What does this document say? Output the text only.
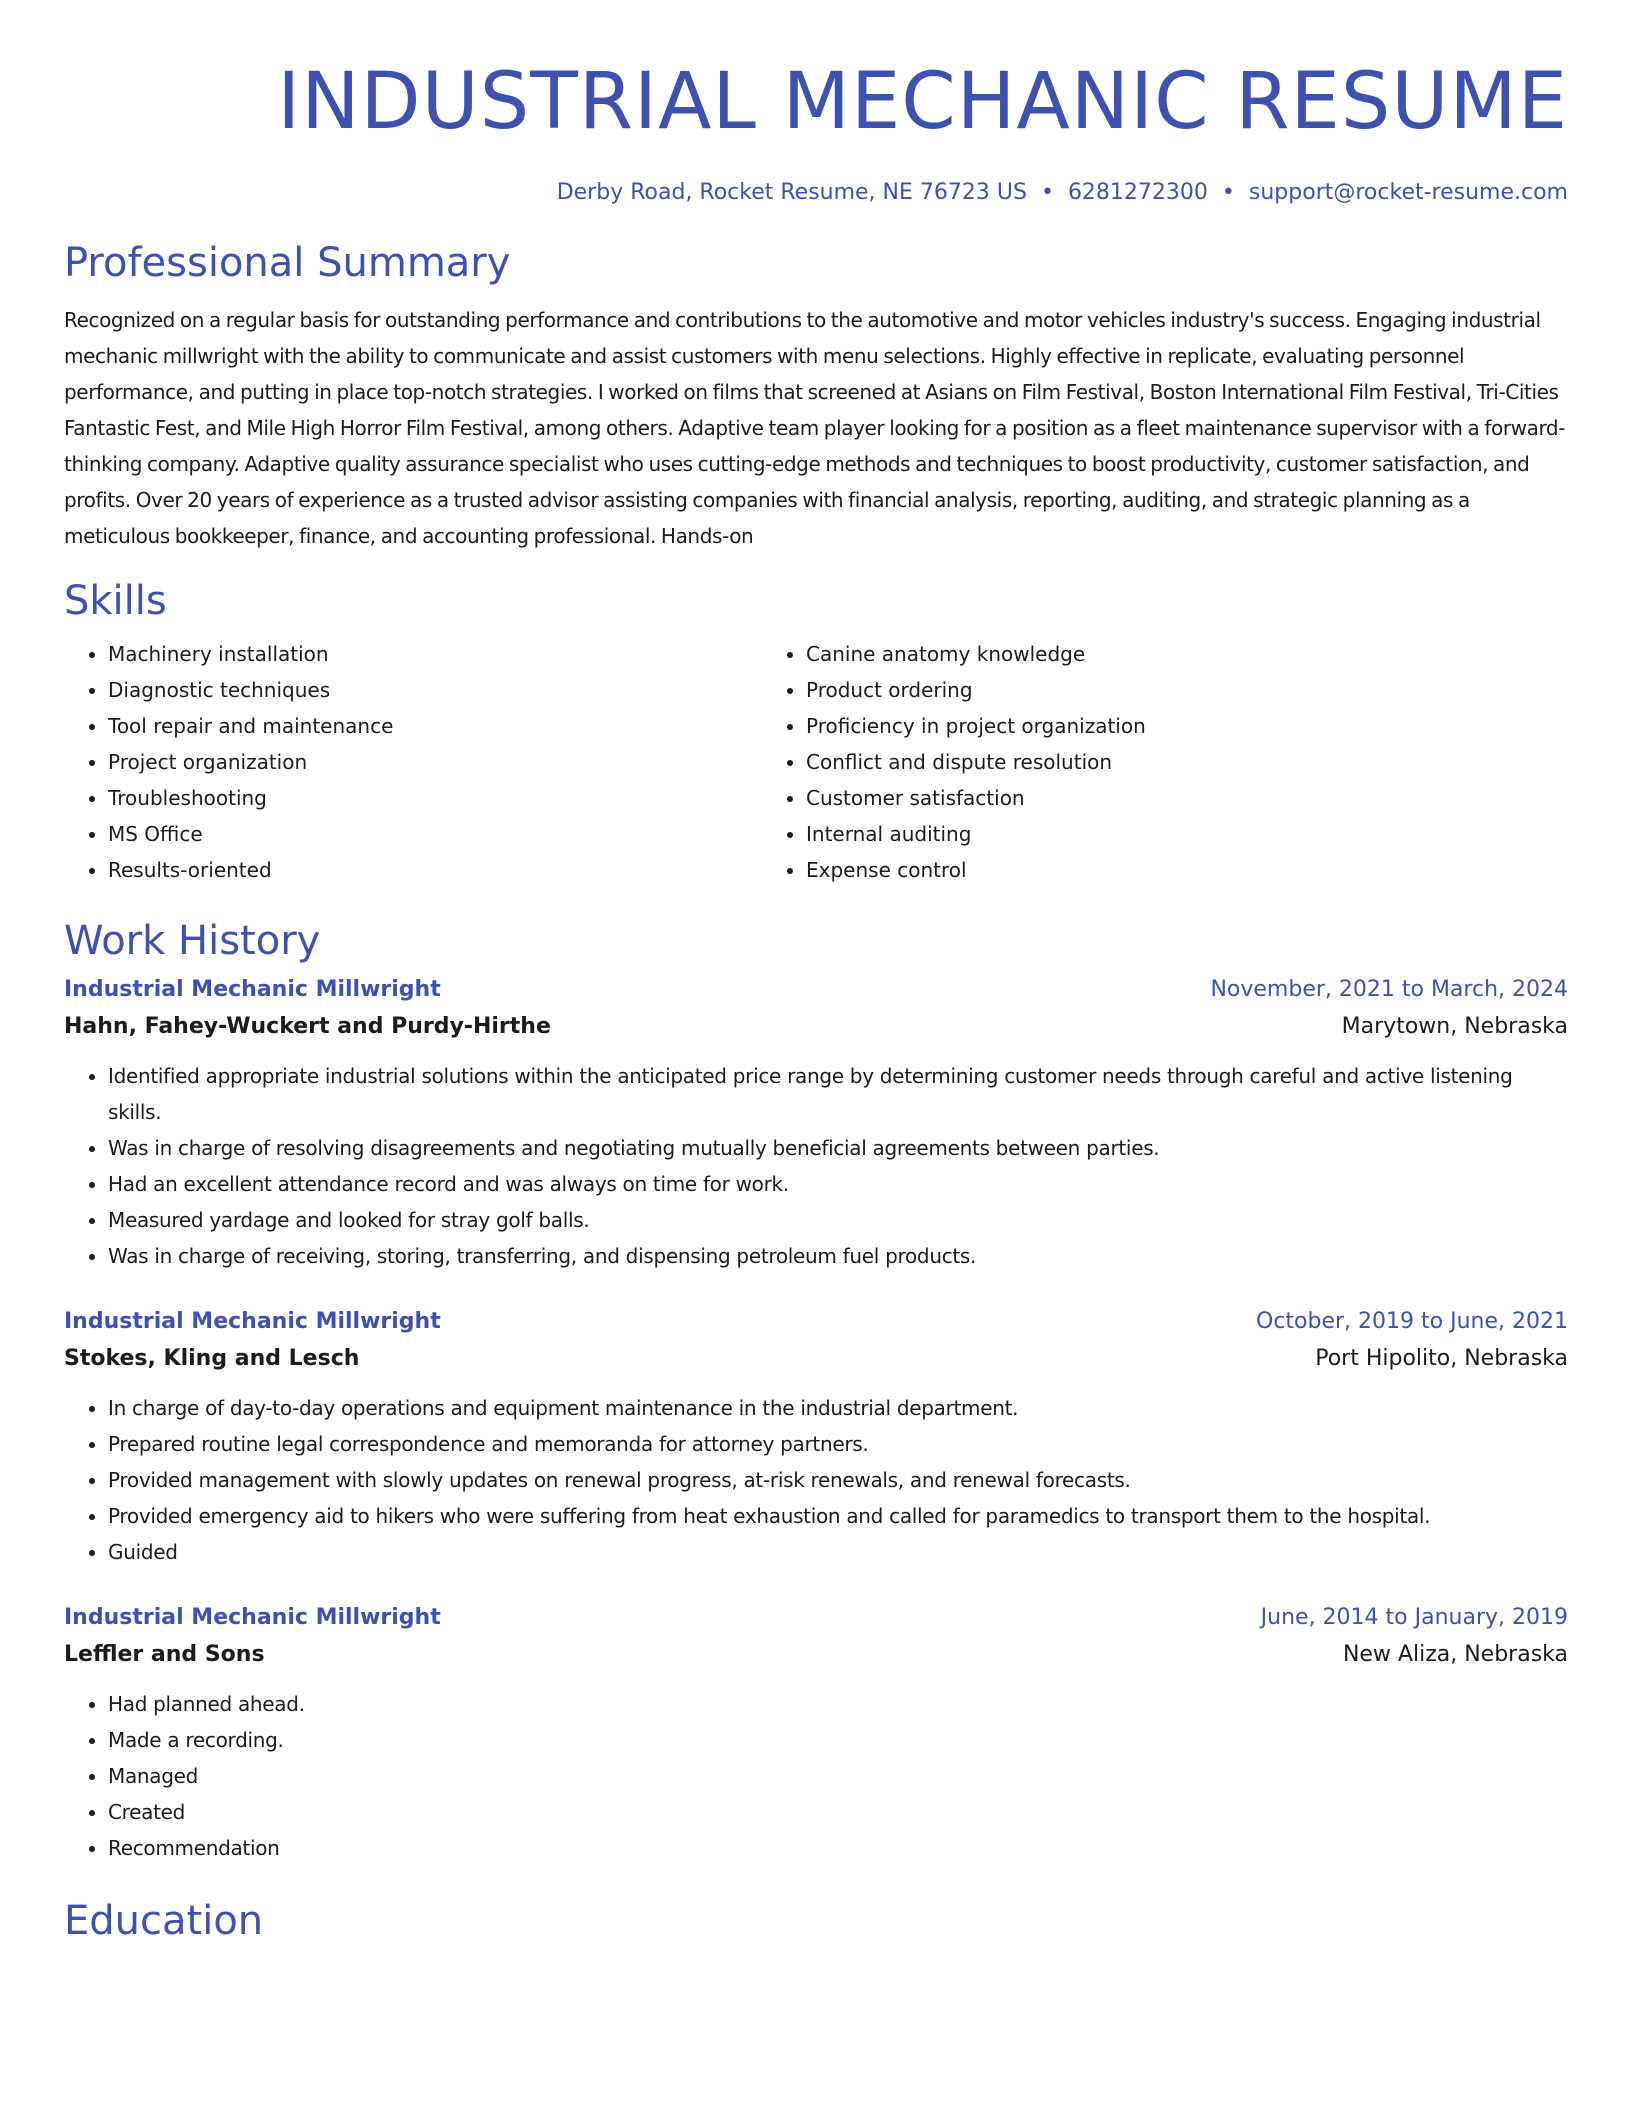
INDUSTRIAL MECHANIC RESUME
Derby Road, Rocket Resume, NE 76723 US • 6281272300 • support@rocket-resume.com
Professional Summary

Recognized on a regular basis for outstanding performance and contributions to the automotive and motor vehicles industry's success. Engaging industrial mechanic millwright with the ability to communicate and assist customers with menu selections. Highly effective in replicate, evaluating personnel performance, and putting in place top-notch strategies. I worked on films that screened at Asians on Film Festival, Boston International Film Festival, Tri-Cities Fantastic Fest, and Mile High Horror Film Festival, among others. Adaptive team player looking for a position as a fleet maintenance supervisor with a forward-thinking company. Adaptive quality assurance specialist who uses cutting-edge methods and techniques to boost productivity, customer satisfaction, and profits. Over 20 years of experience as a trusted advisor assisting companies with financial analysis, reporting, auditing, and strategic planning as a meticulous bookkeeper, finance, and accounting professional. Hands-on

Skills
• Machinery installation
• Diagnostic techniques
• Tool repair and maintenance
• Project organization
• Troubleshooting
• MS Office
• Results-oriented
• Canine anatomy knowledge
• Product ordering
• Proficiency in project organization
• Conflict and dispute resolution
• Customer satisfaction
• Internal auditing
• Expense control
Work History
Industrial Mechanic Millwright	November, 2021 to March, 2024
Hahn, Fahey-Wuckert and Purdy-Hirthe	Marytown, Nebraska
• Identified appropriate industrial solutions within the anticipated price range by determining customer needs through careful and active listening skills.
• Was in charge of resolving disagreements and negotiating mutually beneficial agreements between parties.
• Had an excellent attendance record and was always on time for work.
• Measured yardage and looked for stray golf balls.
• Was in charge of receiving, storing, transferring, and dispensing petroleum fuel products.
Industrial Mechanic Millwright	October, 2019 to June, 2021
Stokes, Kling and Lesch	Port Hipolito, Nebraska
• In charge of day-to-day operations and equipment maintenance in the industrial department.
• Prepared routine legal correspondence and memoranda for attorney partners.
• Provided management with slowly updates on renewal progress, at-risk renewals, and renewal forecasts.
• Provided emergency aid to hikers who were suffering from heat exhaustion and called for paramedics to transport them to the hospital.
• Guided
Industrial Mechanic Millwright	June, 2014 to January, 2019
Leffler and Sons	New Aliza, Nebraska
• Had planned ahead.
• Made a recording.
• Managed
• Created
• Recommendation
Education
